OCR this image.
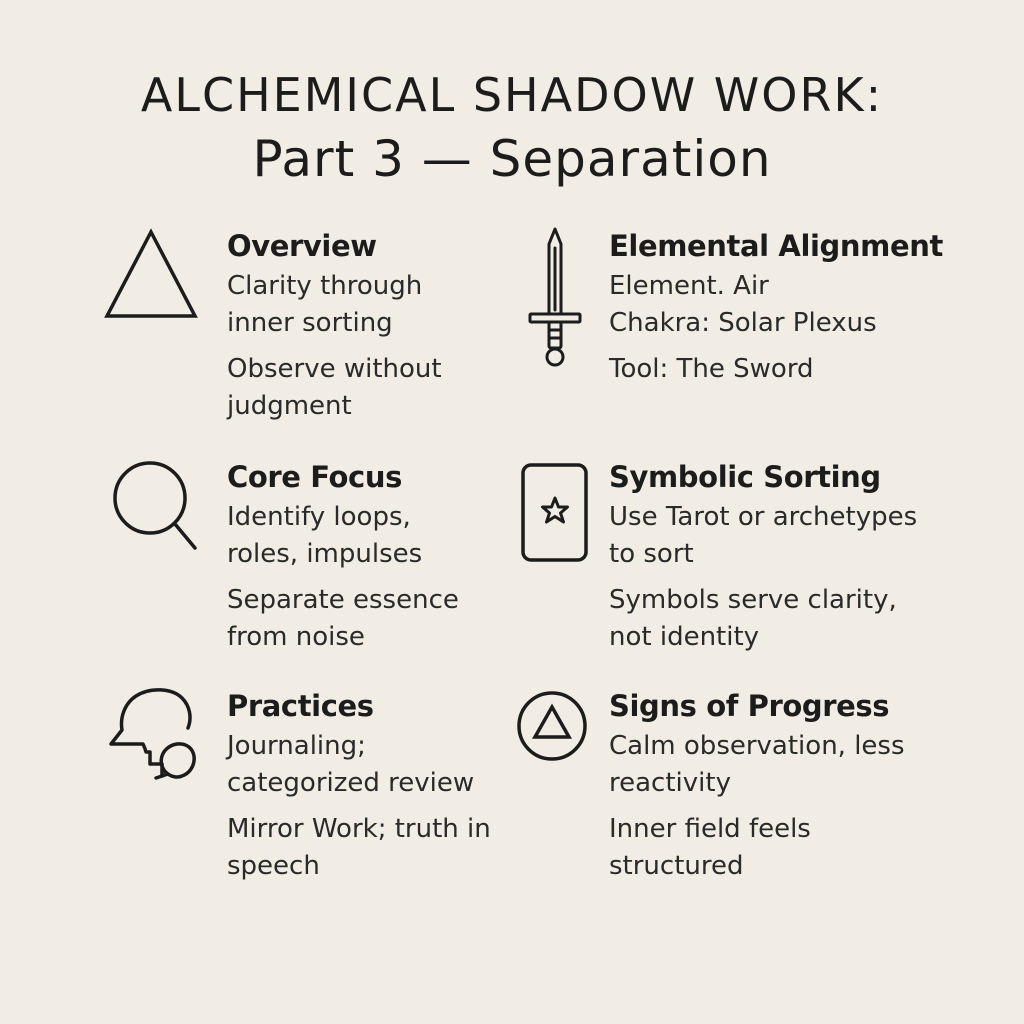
ALCHEMICAL SHADOW WORK:
Part 3 — Separation
Overview

Clarity through inner sorting

Observe without judgment

Elemental Alignment

Element. Air

Chakra: Solar Plexus

Tool: The Sword

Core Focus

Identify loops, roles, impulses

Separate essence from noise

Symbolic Sorting

Use Tarot or archetypes to sort

Symbols serve clarity, not identity

Practices

Journaling; categorized review

Mirror Work; truth in speech

Signs of Progress

Calm observation, less reactivity

Inner field feels structured
